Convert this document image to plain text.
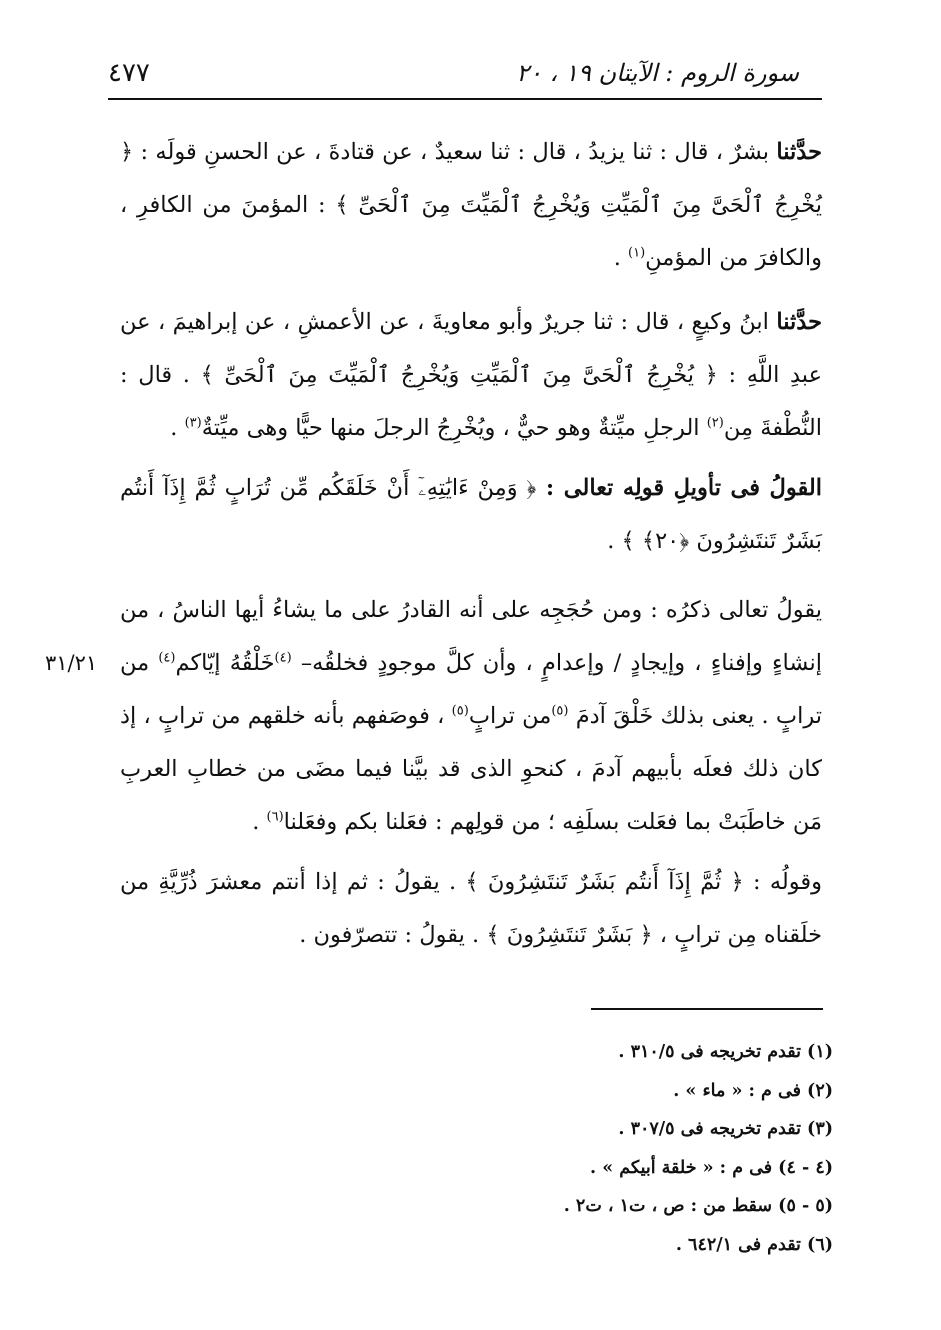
٤٧٧	سورة الروم : الآيتان ١٩ ، ٢٠
حدَّثنا بشرٌ ، قال : ثنا يزيدُ ، قال : ثنا سعيدٌ ، عن قتادةَ ، عن الحسنِ قولَه : ﴿ يُخْرِجُ ٱلْحَىَّ مِنَ ٱلْمَيِّتِ وَيُخْرِجُ ٱلْمَيِّتَ مِنَ ٱلْحَىِّ ﴾ : المؤمنَ من الكافرِ ، والكافرَ من المؤمنِ$^{(١)}$ .
حدَّثنا ابنُ وكيعٍ ، قال : ثنا جريرٌ وأبو معاويةَ ، عن الأعمشِ ، عن إبراهيمَ ، عن عبدِ اللَّهِ : ﴿ يُخْرِجُ ٱلْحَىَّ مِنَ ٱلْمَيِّتِ وَيُخْرِجُ ٱلْمَيِّتَ مِنَ ٱلْحَىِّ ﴾ . قال : النُّطْفةَ مِن$^{(٢)}$ الرجلِ ميِّتةٌ وهو حيٌّ ، ويُخْرِجُ الرجلَ منها حيًّا وهى ميِّتةٌ$^{(٣)}$ .
القولُ فى تأويلِ قولِه تعالى : ﴿ وَمِنْ ءَايَٰتِهِۦٓ أَنْ خَلَقَكُم مِّن تُرَابٍ ثُمَّ إِذَآ أَنتُم بَشَرٌ تَنتَشِرُونَ ﴿٢٠﴾ ﴾ .
يقولُ تعالى ذكرُه : ومن حُجَجِه على أنه القادرُ على ما يشاءُ أيها الناسُ ، من إنشاءٍ وإفناءٍ ، وإيجادٍ / وإعدامٍ ، وأن كلَّ موجودٍ فخلقُه– $^{(٤)}$خَلْقُهُ إيّاكم$^{(٤)}$ من ترابٍ . يعنى بذلك خَلْقَ آدمَ $^{(٥)}$من ترابٍ$^{(٥)}$ ، فوصَفهم بأنه خلقهم من ترابٍ ، إذ كان ذلك فعلَه بأبيهم آدمَ ، كنحوِ الذى قد بيَّنا فيما مضَى من خطابِ العربِ مَن خاطَبَتْ بما فعَلت بسلَفِه ؛ من قولِهم : فعَلنا بكم وفعَلنا$^{(٦)}$ .
٣١/٢١
وقولُه : ﴿ ثُمَّ إِذَآ أَنتُم بَشَرٌ تَنتَشِرُونَ ﴾ . يقولُ : ثم إذا أنتم معشرَ ذُرِّيَّةِ من خلَقناه مِن ترابٍ ، ﴿ بَشَرٌ تَنتَشِرُونَ ﴾ . يقولُ : تتصرّفون .
(١) تقدم تخريجه فى ٣١٠/٥ .
(٢) فى م : « ماء » .
(٣) تقدم تخريجه فى ٣٠٧/٥ .
(٤ - ٤) فى م : « خلقة أبيكم » .
(٥ - ٥) سقط من : ص ، ت١ ، ت٢ .
(٦) تقدم فى ٦٤٢/١ .
